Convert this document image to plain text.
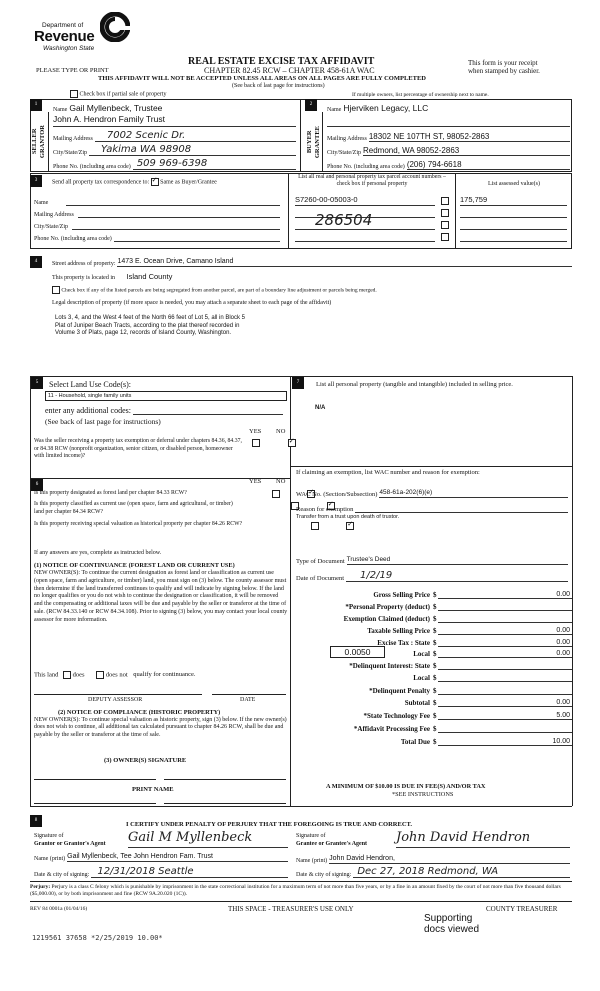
Department of
Revenue
Washington State
REAL ESTATE EXCISE TAX AFFIDAVIT
CHAPTER 82.45 RCW – CHAPTER 458-61A WAC
PLEASE TYPE OR PRINT
This form is your receipt
when stamped by cashier.
THIS AFFIDAVIT WILL NOT BE ACCEPTED UNLESS ALL AREAS ON ALL PAGES ARE FULLY COMPLETED
(See back of last page for instructions)
Check box if partial sale of property	If multiple owners, list percentage of ownership next to name.
1
SELLER
GRANTOR
Name Gail Myllenbeck, Trustee
John A. Hendron Family Trust
Mailing Address	7002 Scenic Dr.
City/State/Zip	Yakima WA 98908
Phone No. (including area code) 509 969-6398
2
BUYER
GRANTEE
Name Hjerviken Legacy, LLC
Mailing Address 18302 NE 107TH ST, 98052-2863
City/State/Zip Redmond, WA 98052-2863
Phone No. (including area code) (206) 794-6618
3	Send all property tax correspondence to: ✓ Same as Buyer/Grantee
Name
Mailing Address
City/State/Zip
Phone No. (including area code)
List all real and personal property tax parcel account numbers – check box if personal property	List assessed value(s)
S7260-00-05003-0	175,759
286504
4	Street address of property: 1473 E. Ocean Drive, Camano Island
This property is located in Island County
Check box if any of the listed parcels are being segregated from another parcel, are part of a boundary line adjustment or parcels being merged.
Legal description of property (if more space is needed, you may attach a separate sheet to each page of the affidavit)
Lots 3, 4, and the West 4 feet of the North 66 feet of Lot 5, all in Block 5
Plat of Juniper Beach Tracts, according to the plat thereof recorded in
Volume 3 of Plats, page 12, records of Island County, Washington.
5	Select Land Use Code(s):
11 - Household, single family units
enter any additional codes:
(See back of last page for instructions)
YES NO
Was the seller receiving a property tax exemption or deferral under chapters 84.36, 84.37, or 84.38 RCW (nonprofit organization, senior citizen, or disabled person, homeowner with limited income)?
✓
6	YES NO
Is this property designated as forest land per chapter 84.33 RCW?
✓
Is this property classified as current use (open space, farm and agricultural, or timber) land per chapter 84.34 RCW?
✓
Is this property receiving special valuation as historical property per chapter 84.26 RCW?
✓
If any answers are yes, complete as instructed below.
(1) NOTICE OF CONTINUANCE (FOREST LAND OR CURRENT USE)
NEW OWNER(S): To continue the current designation as forest land or classification as current use (open space, farm and agriculture, or timber) land, you must sign on (3) below. The county assessor must then determine if the land transferred continues to qualify and will indicate by signing below. If the land no longer qualifies or you do not wish to continue the designation or classification, it will be removed and the compensating or additional taxes will be due and payable by the seller or transferor at the time of sale. (RCW 84.33.140 or RCW 84.34.108). Prior to signing (3) below, you may contact your local county assessor for more information.
This land does	does not qualify for continuance.
DEPUTY ASSESSOR	DATE
(2) NOTICE OF COMPLIANCE (HISTORIC PROPERTY)
NEW OWNER(S): To continue special valuation as historic property, sign (3) below. If the new owner(s) does not wish to continue, all additional tax calculated pursuant to chapter 84.26 RCW, shall be due and payable by the seller or transferor at the time of sale.
(3) OWNER(S) SIGNATURE
PRINT NAME
7	List all personal property (tangible and intangible) included in selling price.
N/A
If claiming an exemption, list WAC number and reason for exemption:
WAC No. (Section/Subsection) 458-61a-202(6)(e)
Reason for exemption
Transfer from a trust upon death of trustor.
Type of Document Trustee's Deed
Date of Document	1/2/19
Gross Selling Price $	0.00
*Personal Property (deduct) $
Exemption Claimed (deduct) $
Taxable Selling Price $	0.00
Excise Tax : State $	0.00
0.0050	Local $	0.00
*Delinquent Interest: State $
Local $
*Delinquent Penalty $
Subtotal $	0.00
*State Technology Fee $	5.00
*Affidavit Processing Fee $
Total Due $	10.00
A MINIMUM OF $10.00 IS DUE IN FEE(S) AND/OR TAX
*SEE INSTRUCTIONS
8
I CERTIFY UNDER PENALTY OF PERJURY THAT THE FOREGOING IS TRUE AND CORRECT.
Signature of
Grantor or Grantor's Agent Gail M Myllenbeck	Signature of
Grantee or Grantee's Agent John David Hendron
Name (print) Gail Myllenbeck, Tee John Hendron Fam. Trust
Name (print) John David Hendron,
Date & city of signing: 12/31/2018 Seattle	Date & city of signing: Dec 27, 2018 Redmond, WA
Perjury: Perjury is a class C felony which is punishable by imprisonment in the state correctional institution for a maximum term of not more than five years, or by a fine in an amount fixed by the court of not more than five thousand dollars ($5,000.00), or by both imprisonment and fine (RCW 9A.20.020 (1C)).
REV 84 0001a (01/04/16)	THIS SPACE - TREASURER'S USE ONLY	COUNTY TREASURER
Supporting
docs viewed
1219561 37658 *2/25/2019 10.00*
